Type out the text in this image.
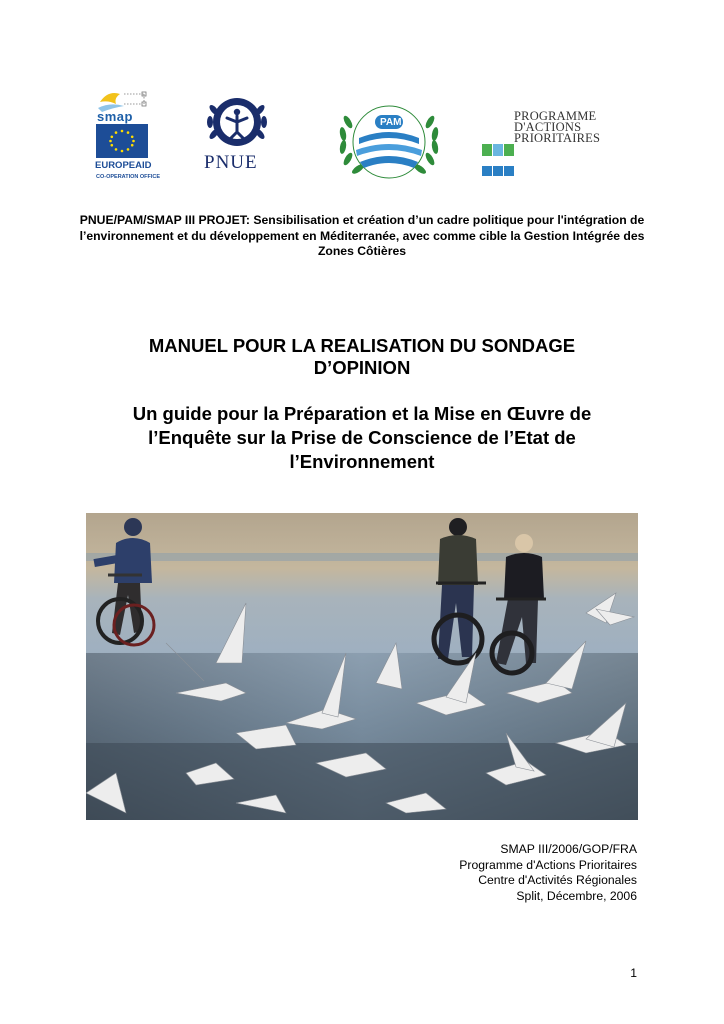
smap
EUROPEAID
CO-OPERATION OFFICE
PNUE
PAM	PROGRAMME
D'ACTIONS
PRIORITAIRES
PNUE/PAM/SMAP III PROJET: Sensibilisation et création d’un cadre politique pour l'intégration de l’environnement et du développement en Méditerranée, avec comme cible la Gestion Intégrée des Zones Côtières
MANUEL POUR LA REALISATION DU SONDAGE
D’OPINION
Un guide pour la Préparation et la Mise en Œuvre de
l’Enquête sur la Prise de Conscience de l’Etat de
l’Environnement
SMAP III/2006/GOP/FRA
Programme d'Actions Prioritaires
Centre d'Activités Régionales
Split, Décembre, 2006
1
